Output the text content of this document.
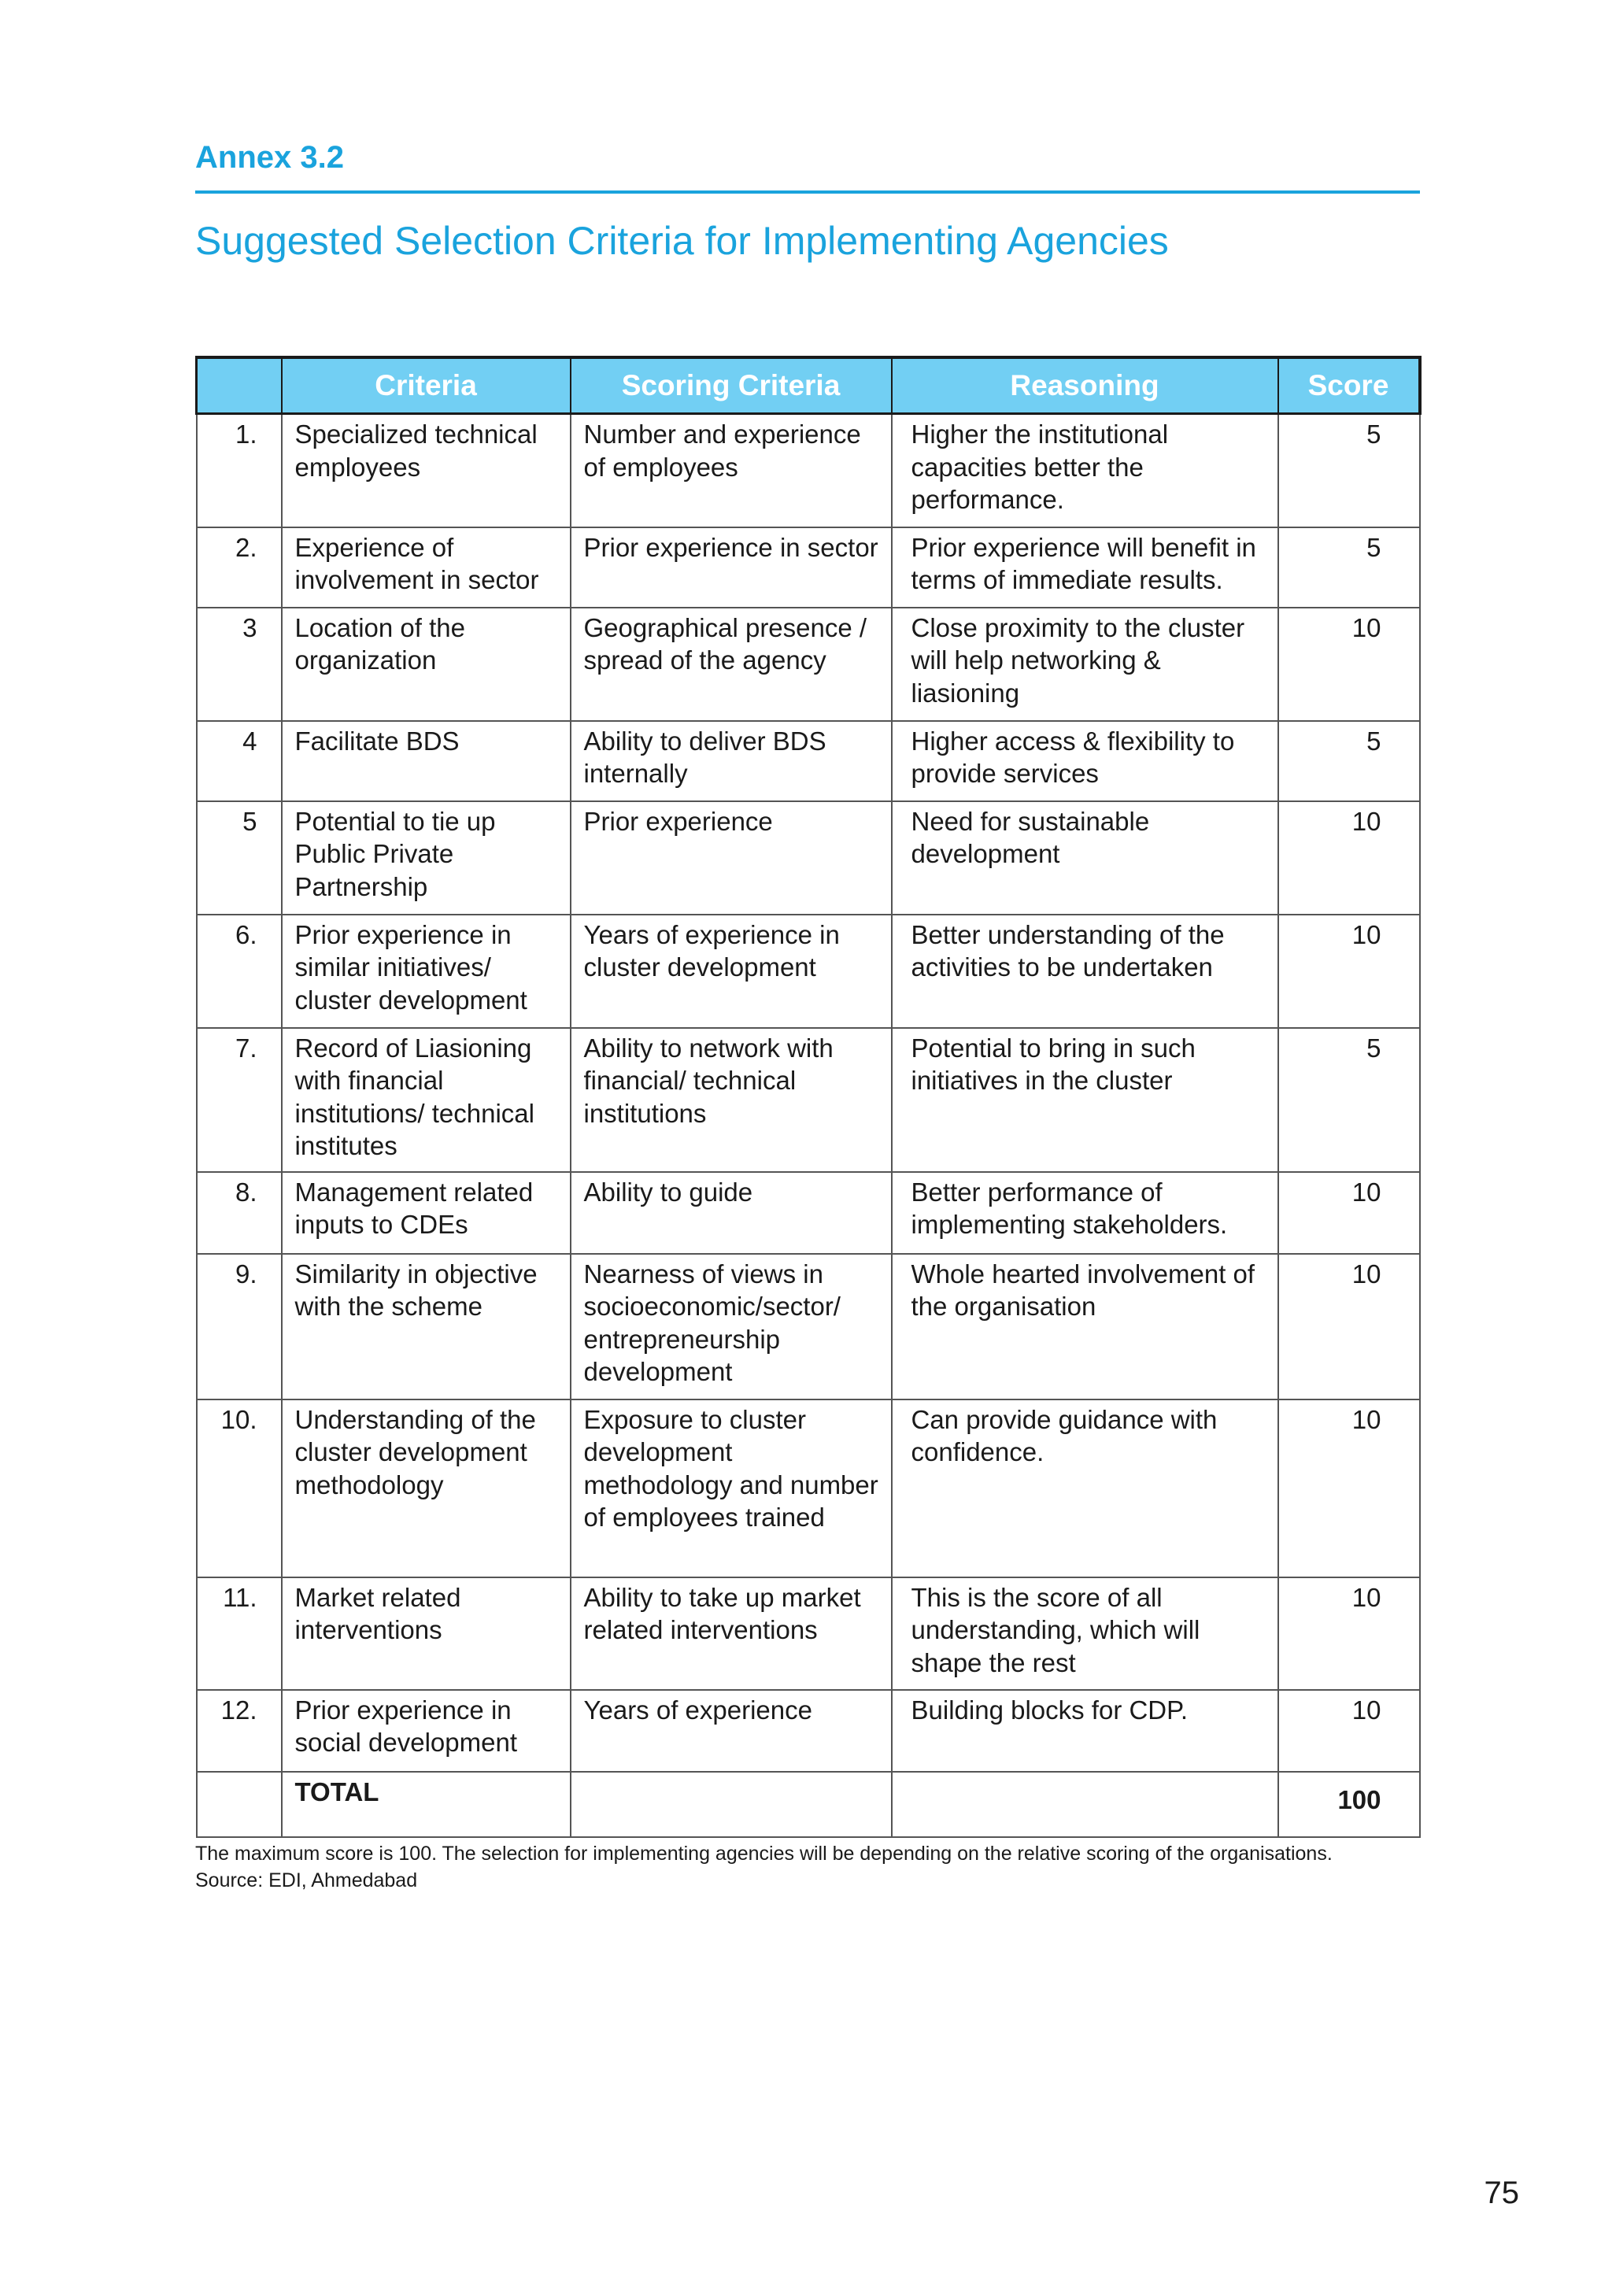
Annex 3.2
Suggested Selection Criteria for Implementing Agencies
	Criteria	Scoring Criteria	Reasoning	Score
1.	Specialized technical employees	Number and experience of employees	Higher the institutional capacities better the performance.	5
2.	Experience of involvement in sector	Prior experience in sector	Prior experience will benefit in terms of immediate results.	5
3	Location of the organization	Geographical presence / spread of the agency	Close proximity to the cluster will help networking & liasioning	10
4	Facilitate BDS	Ability to deliver BDS internally	Higher access & flexibility to provide services	5
5	Potential to tie up Public Private Partnership	Prior experience	Need for sustainable development	10
6.	Prior experience in similar initiatives/ cluster development	Years of experience in cluster development	Better understanding of the activities to be undertaken	10
7.	Record of Liasioning with financial institutions/ technical institutes	Ability to network with financial/ technical institutions	Potential to bring in such initiatives in the cluster	5
8.	Management related inputs to CDEs	Ability to guide	Better performance of implementing stakeholders.	10
9.	Similarity in objective with the scheme	Nearness of views in socioeconomic/sector/ entrepreneurship development	Whole hearted involvement of the organisation	10
10.	Understanding of the cluster development methodology	Exposure to cluster development methodology and number of employees trained	Can provide guidance with confidence.	10
11.	Market related interventions	Ability to take up market related interventions	This is the score of all understanding, which will shape the rest	10
12.	Prior experience in social development	Years of experience	Building blocks for CDP.	10
	TOTAL			100
The maximum score is 100. The selection for implementing agencies will be depending on the relative scoring of the organisations.
Source: EDI, Ahmedabad
75
